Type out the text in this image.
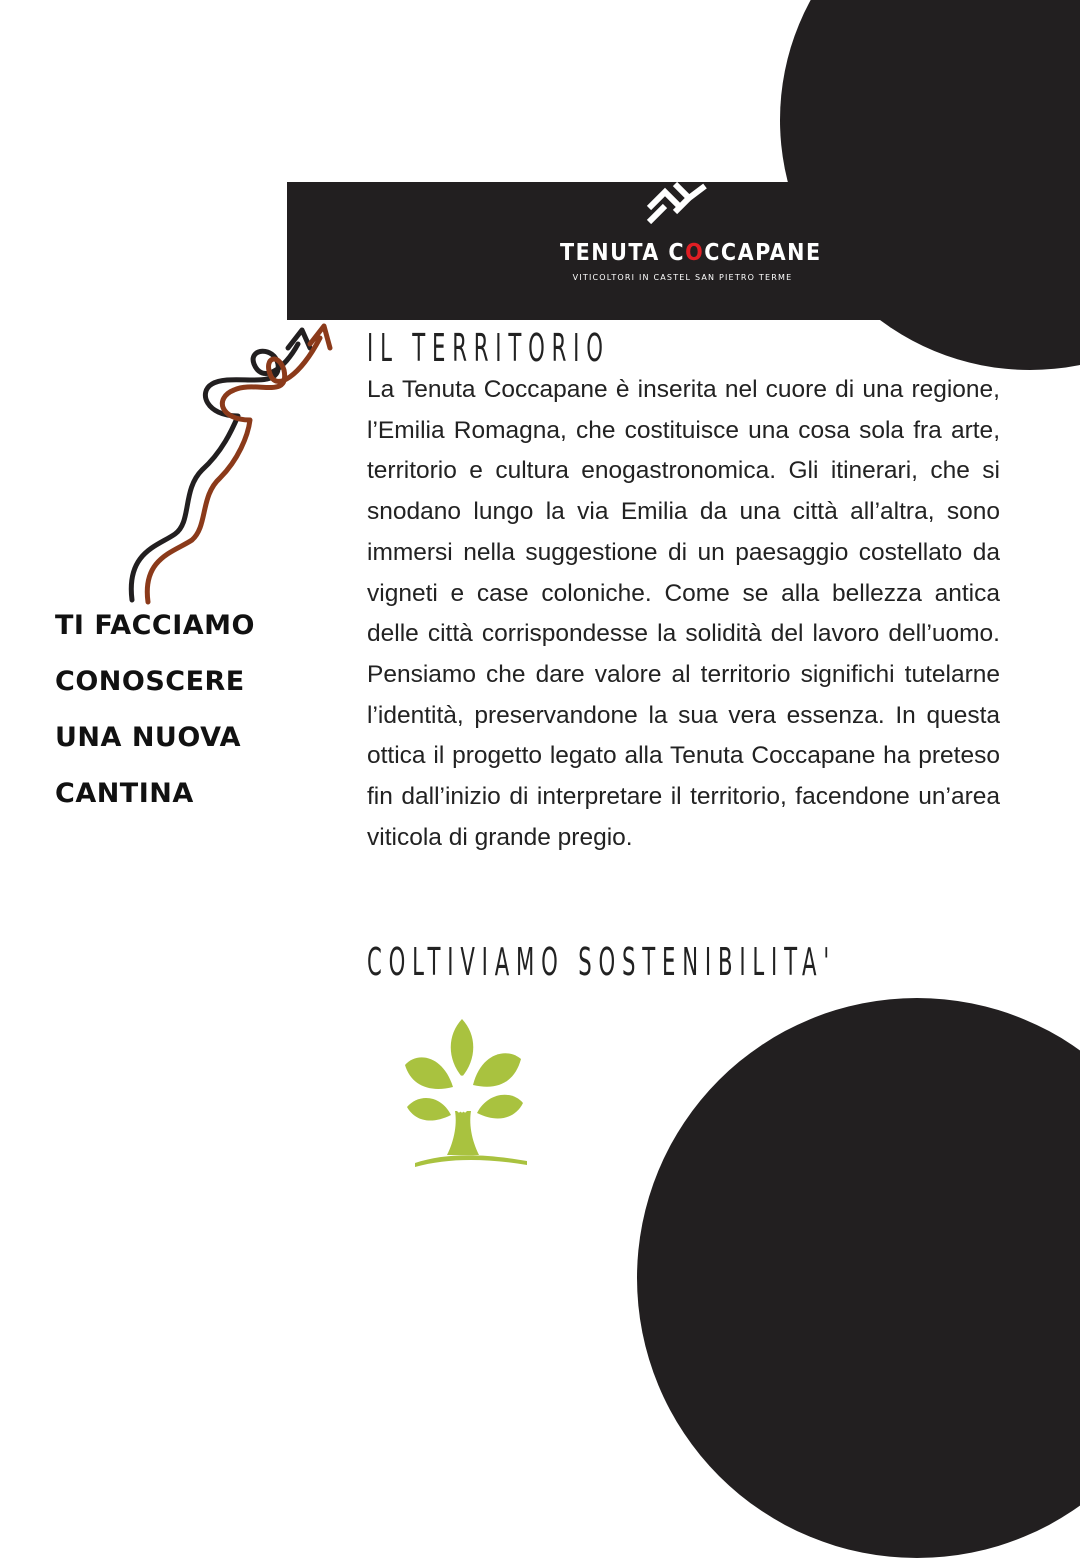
TENUTA COCCAPANE
VITICOLTORI IN CASTEL SAN PIETRO TERME
TI FACCIAMO
CONOSCERE
UNA NUOVA
CANTINA
IL TERRITORIO
La Tenuta Coccapane è inserita nel cuore di una regione, l’Emilia Romagna, che costituisce una cosa sola fra arte, territorio e cultura enogastronomica. Gli itinerari, che si snodano lungo la via Emilia da una città all’altra, sono immersi nella suggestione di un paesaggio costellato da vigneti e case coloniche. Come se alla bellezza antica delle città corrispondesse la solidità del lavoro dell’uomo. Pensiamo che dare valore al territorio significhi tutelarne l’identità, preservandone la sua vera essenza. In questa ottica il progetto legato alla Tenuta Coccapane ha preteso fin dall’inizio di interpretare il territorio, facendone un’area viticola di grande pregio.
COLTIVIAMO SOSTENIBILITA'
